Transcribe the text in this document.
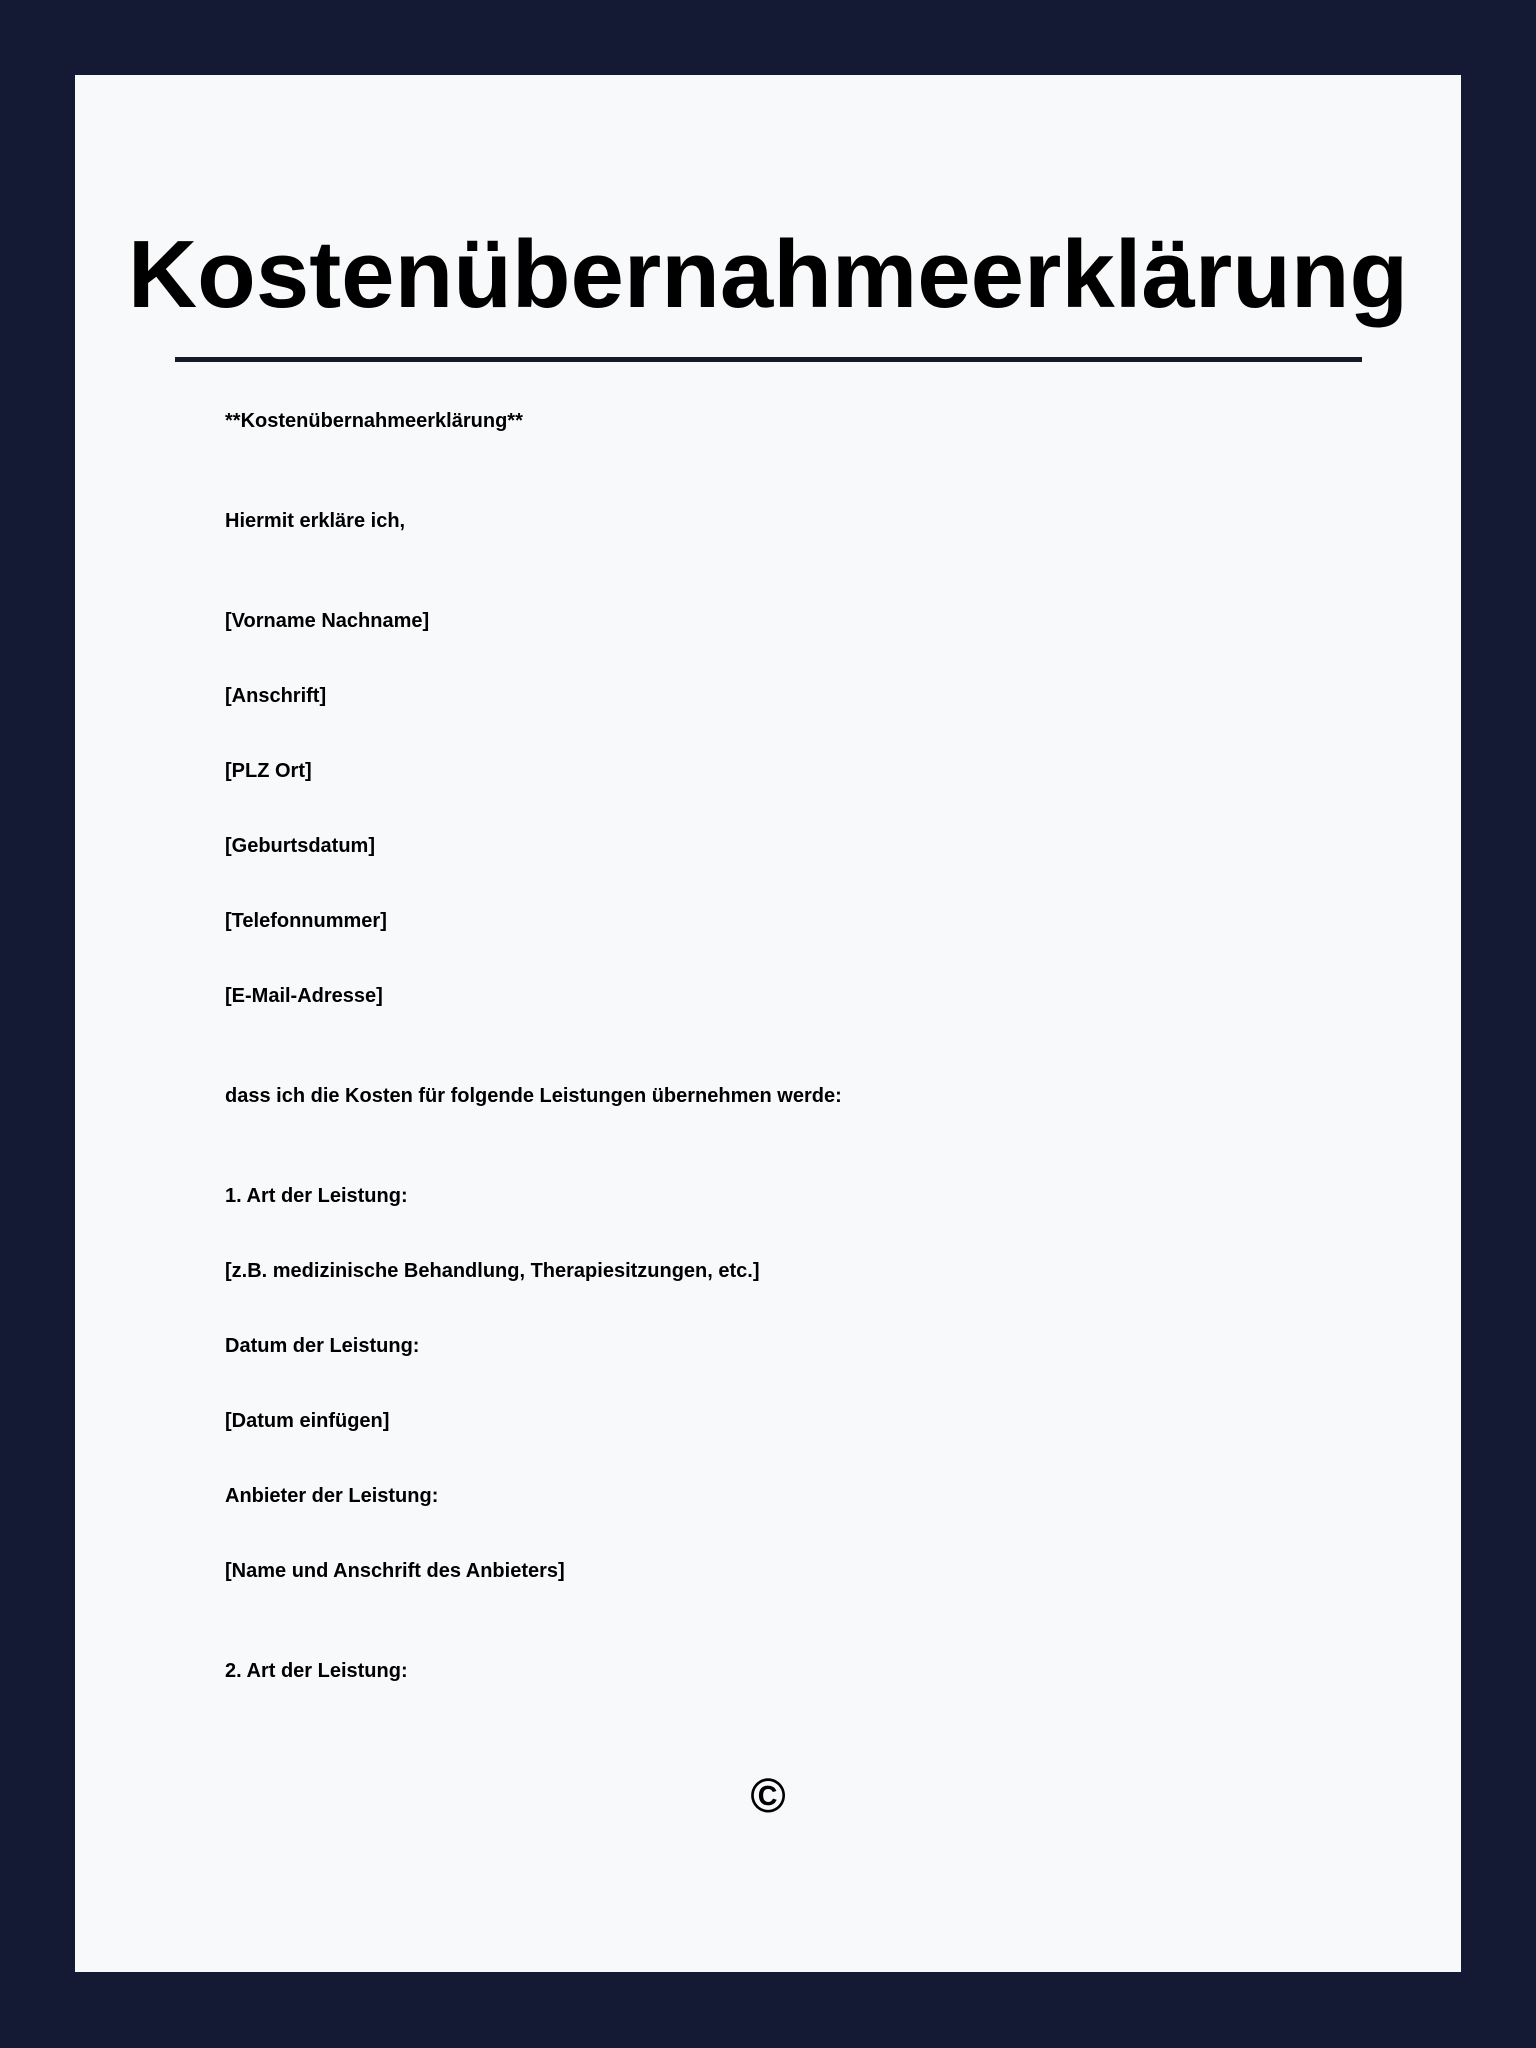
Kostenübernahmeerklärung

**Kostenübernahmeerklärung**

Hiermit erkläre ich,

[Vorname Nachname]

[Anschrift]

[PLZ Ort]

[Geburtsdatum]

[Telefonnummer]

[E-Mail-Adresse]

dass ich die Kosten für folgende Leistungen übernehmen werde:

1. Art der Leistung:

[z.B. medizinische Behandlung, Therapiesitzungen, etc.]

Datum der Leistung:

[Datum einfügen]

Anbieter der Leistung:

[Name und Anschrift des Anbieters]

2. Art der Leistung:

©
